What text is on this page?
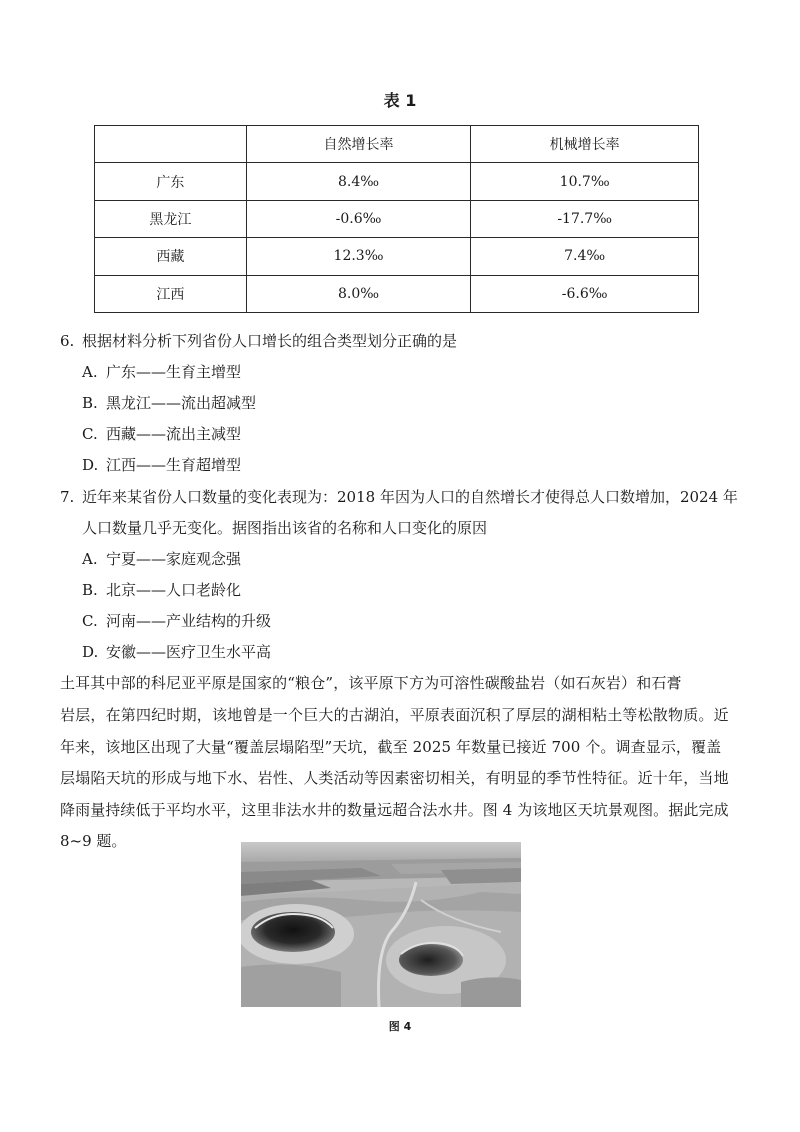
表 1
	自然增长率	机械增长率
广东	8.4‰	10.7‰
黑龙江	-0.6‰	-17.7‰
西藏	12.3‰	7.4‰
江西	8.0‰	-6.6‰
6. 根据材料分析下列省份人口增长的组合类型划分正确的是
A. 广东——生育主增型
B. 黑龙江——流出超减型
C. 西藏——流出主减型
D. 江西——生育超增型
7. 近年来某省份人口数量的变化表现为：2018 年因为人口的自然增长才使得总人口数增加，2024 年
人口数量几乎无变化。据图指出该省的名称和人口变化的原因
A. 宁夏——家庭观念强
B. 北京——人口老龄化
C. 河南——产业结构的升级
D. 安徽——医疗卫生水平高
土耳其中部的科尼亚平原是国家的“粮仓”，该平原下方为可溶性碳酸盐岩（如石灰岩）和石膏
岩层，在第四纪时期，该地曾是一个巨大的古湖泊，平原表面沉积了厚层的湖相粘土等松散物质。近
年来，该地区出现了大量“覆盖层塌陷型”天坑，截至 2025 年数量已接近 700 个。调查显示，覆盖
层塌陷天坑的形成与地下水、岩性、人类活动等因素密切相关，有明显的季节性特征。近十年，当地
降雨量持续低于平均水平，这里非法水井的数量远超合法水井。图 4 为该地区天坑景观图。据此完成
8~9 题。
图 4
